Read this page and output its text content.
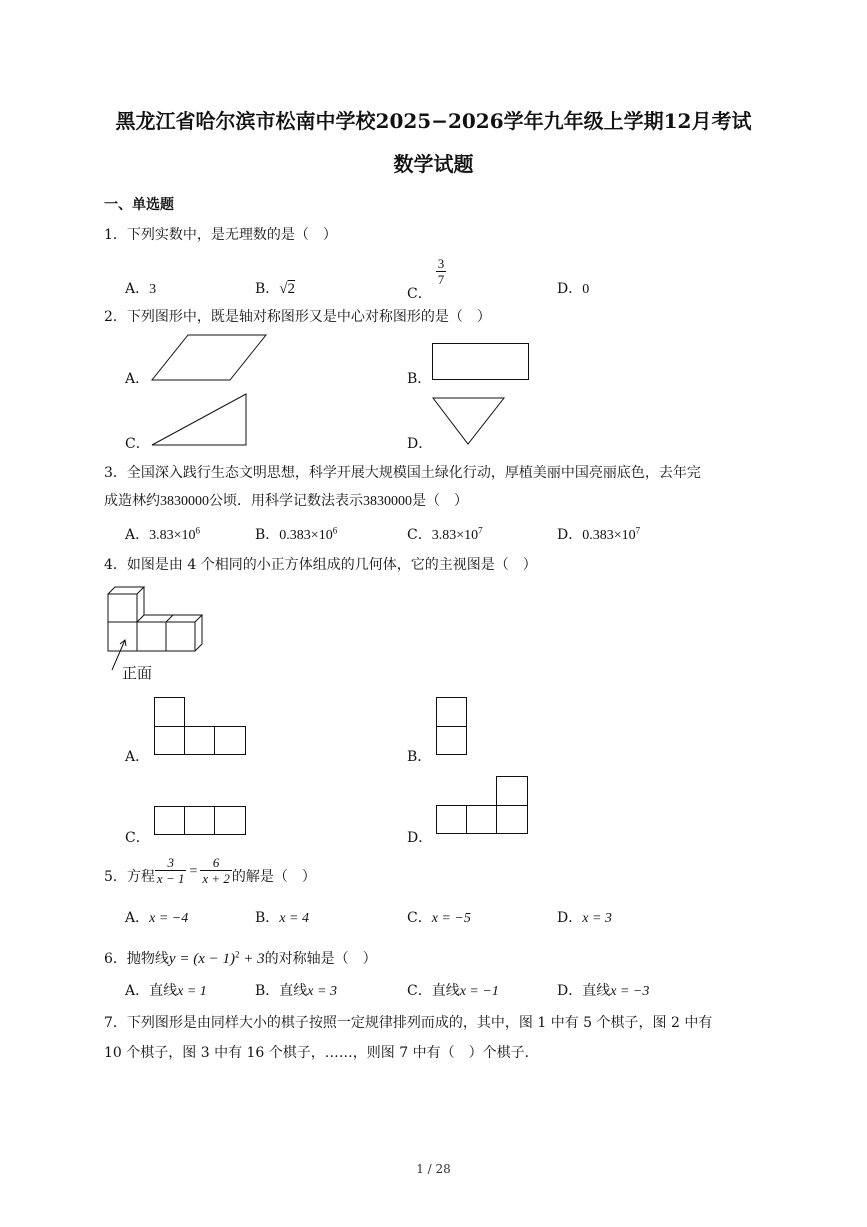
黑龙江省哈尔滨市松南中学校2025−2026学年九年级上学期12月考试
数学试题
一、单选题
1．下列实数中，是无理数的是（　）
A．3	B．√2	C．
$\frac{3}{7}$
D．0
2．下列图形中，既是轴对称图形又是中心对称图形的是（　）
A．	B．
C．	D．
3．全国深入践行生态文明思想，科学开展大规模国土绿化行动，厚植美丽中国亮丽底色，去年完
成造林约3830000公顷．用科学记数法表示3830000是（　）
A．$3.83\times 10^6$	B．$0.383\times 10^6$	C．$3.83\times 10^7$	D．$0.383\times 10^7$
4．如图是由 4 个相同的小正方体组成的几何体，它的主视图是（　）
正面
A．	B．
C．	D．
5．方程 $\frac{3}{x - 1} = \frac{6}{x + 2}$ 的解是（　）
A．x = −4	B．x = 4	C．x = −5	D．x = 3
6．抛物线$y = (x - 1)^2 + 3$的对称轴是（　）
A．直线x = 1	B．直线x = 3	C．直线x = −1	D．直线x = −3
7．下列图形是由同样大小的棋子按照一定规律排列而成的，其中，图 1 中有 5 个棋子，图 2 中有
10 个棋子，图 3 中有 16 个棋子，……，则图 7 中有（　）个棋子．
1 / 28
